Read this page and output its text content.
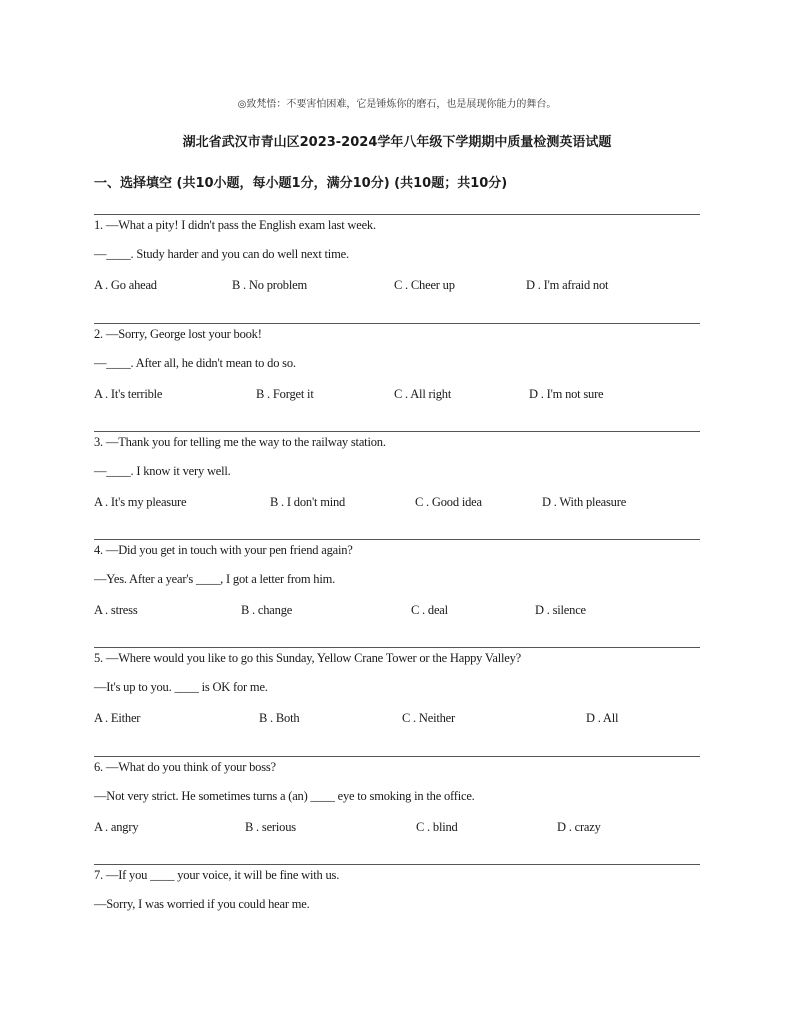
◎致梵悟：不要害怕困难，它是锤炼你的磨石，也是展现你能力的舞台。
湖北省武汉市青山区2023-2024学年八年级下学期期中质量检测英语试题
一、选择填空 (共10小题，每小题1分，满分10分) (共10题；共10分)
1. —What a pity! I didn't pass the English exam last week.
—____. Study harder and you can do well next time.
A . Go ahead	B . No problem	C . Cheer up	D . I'm afraid not
2. —Sorry, George lost your book!
—____. After all, he didn't mean to do so.
A . It's terrible	B . Forget it	C . All right	D . I'm not sure
3. —Thank you for telling me the way to the railway station.
—____. I know it very well.
A . It's my pleasure	B . I don't mind	C . Good idea	D . With pleasure
4. —Did you get in touch with your pen friend again?
—Yes. After a year's ____, I got a letter from him.
A . stress	B . change	C . deal	D . silence
5. —Where would you like to go this Sunday, Yellow Crane Tower or the Happy Valley?
—It's up to you. ____ is OK for me.
A . Either	B . Both	C . Neither	D . All
6. —What do you think of your boss?
—Not very strict. He sometimes turns a (an) ____ eye to smoking in the office.
A . angry	B . serious	C . blind	D . crazy
7. —If you ____ your voice, it will be fine with us.
—Sorry, I was worried if you could hear me.
